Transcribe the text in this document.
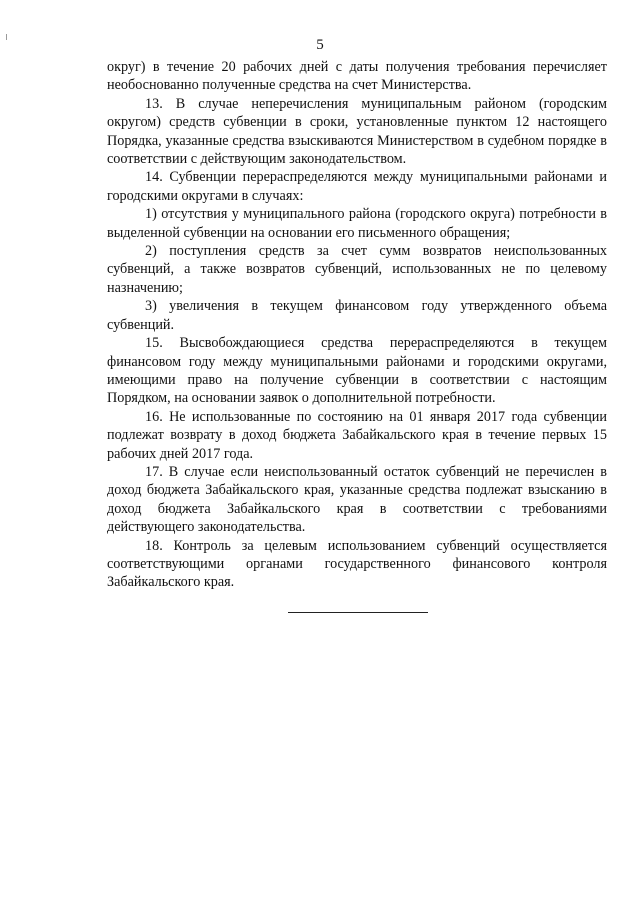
5

округ) в течение 20 рабочих дней с даты получения требования перечисляет необоснованно полученные средства на счет Министерства.

13. В случае неперечисления муниципальным районом (городским округом) средств субвенции в сроки, установленные пунктом 12 настоящего Порядка, указанные средства взыскиваются Министерством в судебном порядке в соответствии с действующим законодательством.

14. Субвенции перераспределяются между муниципальными районами и городскими округами в случаях:

1) отсутствия у муниципального района (городского округа) потребности в выделенной субвенции на основании его письменного обращения;

2) поступления средств за счет сумм возвратов неиспользованных субвенций, а также возвратов субвенций, использованных не по целевому назначению;

3) увеличения в текущем финансовом году утвержденного объема субвенций.

15. Высвобождающиеся средства перераспределяются в текущем финансовом году между муниципальными районами и городскими округами, имеющими право на получение субвенции в соответствии с настоящим Порядком, на основании заявок о дополнительной потребности.

16. Не использованные по состоянию на 01 января 2017 года субвенции подлежат возврату в доход бюджета Забайкальского края в течение первых 15 рабочих дней 2017 года.

17. В случае если неиспользованный остаток субвенций не перечислен в доход бюджета Забайкальского края, указанные средства подлежат взысканию в доход бюджета Забайкальского края в соответствии с требованиями действующего законодательства.

18. Контроль за целевым использованием субвенций осуществляется соответствующими органами государственного финансового контроля Забайкальского края.
